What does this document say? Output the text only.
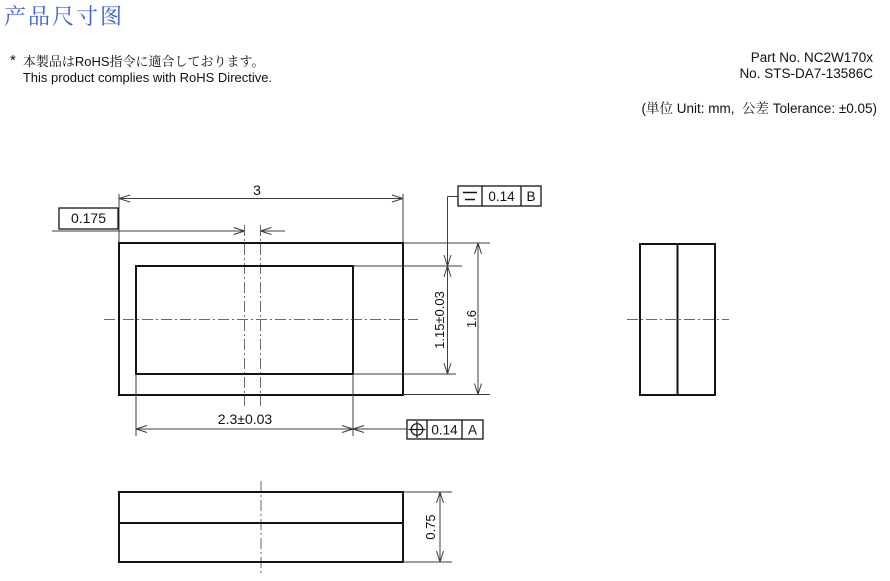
产品尺寸图
* 本製品はRoHS指令に適合しております。
This product complies with RoHS Directive.
Part No. NC2W170x
No. STS-DA7-13586C
(単位 Unit: mm,  公差 Tolerance: ±0.05)
0.175
0.14 B
0.14 A
3
2.3±0.03
1.15±0.03 1.6
0.75
